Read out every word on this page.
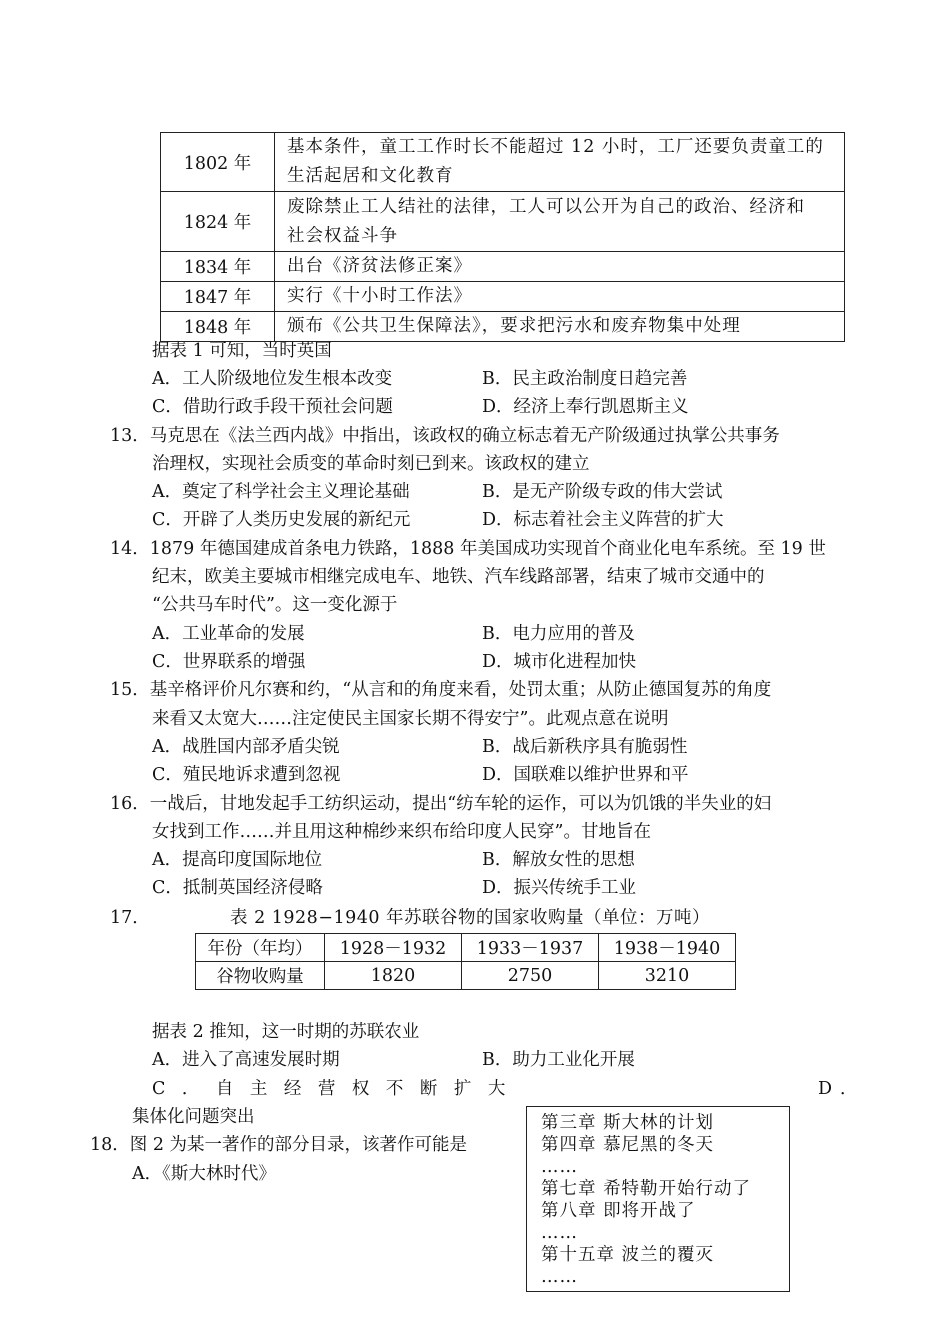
1802 年	基本条件，童工工作时长不能超过 12 小时，工厂还要负责童工的
生活起居和文化教育

1824 年	废除禁止工人结社的法律，工人可以公开为自己的政治、经济和
社会权益斗争

1834 年	出台《济贫法修正案》
1847 年	实行《十小时工作法》
1848 年	颁布《公共卫生保障法》，要求把污水和废弃物集中处理
据表 1 可知，当时英国
A．工人阶级地位发生根本改变	B．民主政治制度日趋完善
C．借助行政手段干预社会问题	D．经济上奉行凯恩斯主义
13．马克思在《法兰西内战》中指出，该政权的确立标志着无产阶级通过执掌公共事务
治理权，实现社会质变的革命时刻已到来。该政权的建立
A．奠定了科学社会主义理论基础	B．是无产阶级专政的伟大尝试
C．开辟了人类历史发展的新纪元	D．标志着社会主义阵营的扩大
14．1879 年德国建成首条电力铁路，1888 年美国成功实现首个商业化电车系统。至 19 世
纪末，欧美主要城市相继完成电车、地铁、汽车线路部署，结束了城市交通中的
“公共马车时代”。这一变化源于
A．工业革命的发展	B．电力应用的普及
C．世界联系的增强	D．城市化进程加快
15．基辛格评价凡尔赛和约，“从言和的角度来看，处罚太重；从防止德国复苏的角度
来看又太宽大……注定使民主国家长期不得安宁”。此观点意在说明
A．战胜国内部矛盾尖锐	B．战后新秩序具有脆弱性
C．殖民地诉求遭到忽视	D．国联难以维护世界和平
16．一战后，甘地发起手工纺织运动，提出“纺车轮的运作，可以为饥饿的半失业的妇
女找到工作……并且用这种棉纱来织布给印度人民穿”。甘地旨在
A．提高印度国际地位	B．解放女性的思想
C．抵制英国经济侵略	D．振兴传统手工业
17．	表 2 1928−1940 年苏联谷物的国家收购量（单位：万吨）
年份（年均）	1928－1932	1933－1937	1938－1940
谷物收购量	1820	2750	3210
据表 2 推知，这一时期的苏联农业
A．进入了高速发展时期	B．助力工业化开展
C．自主经营权不断扩大	D．
集体化问题突出
18．图 2 为某一著作的部分目录，该著作可能是
A．《斯大林时代》
第三章 斯大林的计划
第四章 慕尼黑的冬天
……
第七章 希特勒开始行动了
第八章 即将开战了
……
第十五章 波兰的覆灭
……
